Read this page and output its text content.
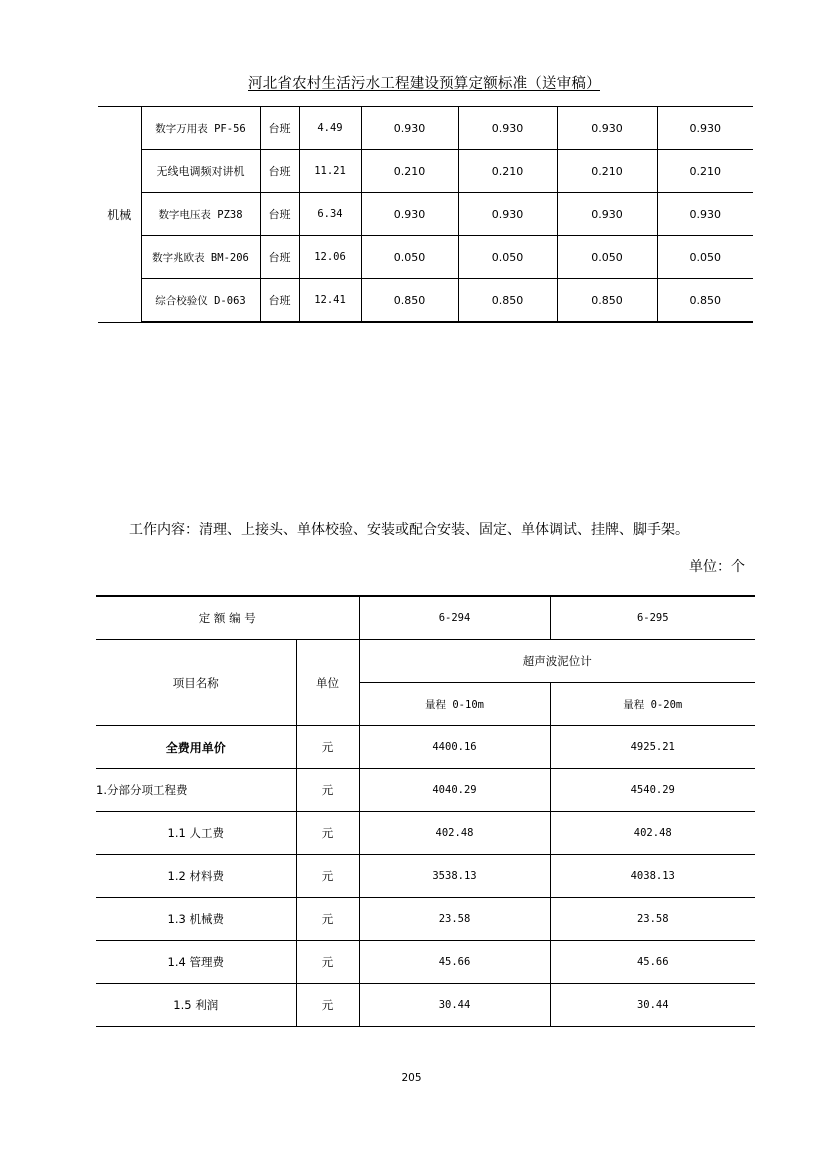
河北省农村生活污水工程建设预算定额标准（送审稿）
机械	数字万用表 PF-56	台班	4.49	0.930	0.930	0.930	0.930
	无线电调频对讲机	台班	11.21	0.210	0.210	0.210	0.210
	数字电压表 PZ38	台班	6.34	0.930	0.930	0.930	0.930
	数字兆欧表 BM-206	台班	12.06	0.050	0.050	0.050	0.050
	综合校验仪 D-063	台班	12.41	0.850	0.850	0.850	0.850
工作内容：清理、上接头、单体校验、安装或配合安装、固定、单体调试、挂牌、脚手架。
单位：个
定 额 编 号		6-294	6-295
项目名称	单位	超声波泥位计	
		量程 0-10m	量程 0-20m
全费用单价	元	4400.16	4925.21
1.分部分项工程费	元	4040.29	4540.29
1.1 人工费	元	402.48	402.48
1.2 材料费	元	3538.13	4038.13
1.3 机械费	元	23.58	23.58
1.4 管理费	元	45.66	45.66
1.5 利润	元	30.44	30.44
205
